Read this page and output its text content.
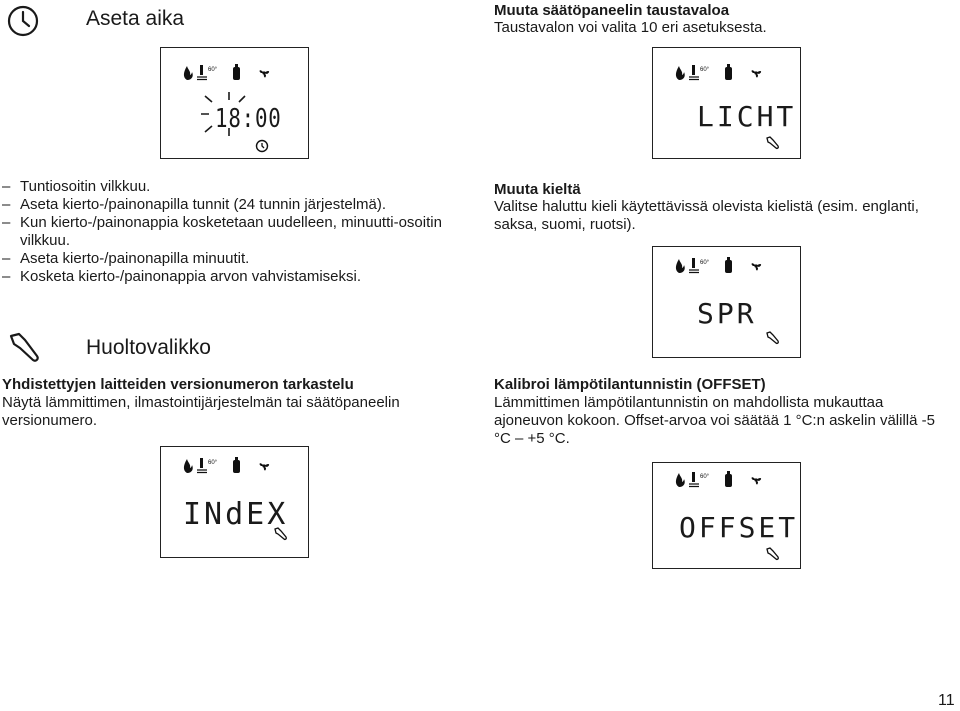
Aseta aika
60°
18:00
– Tuntiosoitin vilkkuu.
– Aseta kierto-/painonapilla tunnit (24 tunnin järjestelmä).
– Kun kierto-/painonappia kosketetaan uudelleen, minuutti-osoitin vilkkuu.
– Aseta kierto-/painonapilla minuutit.
– Kosketa kierto-/painonappia arvon vahvistamiseksi.
Huoltovalikko
Yhdistettyjen laitteiden versionumeron tarkastelu
Näytä lämmittimen, ilmastointijärjestelmän tai säätöpaneelin versionumero.
60°
INdEX
Muuta säätöpaneelin taustavaloa
Taustavalon voi valita 10 eri asetuksesta.
60°
LICHT
Muuta kieltä
Valitse haluttu kieli käytettävissä olevista kielistä (esim. englanti, saksa, suomi, ruotsi).
60°
SPR
Kalibroi lämpötilantunnistin (OFFSET)
Lämmittimen lämpötilantunnistin on mahdollista mukauttaa ajoneuvon kokoon. Offset-arvoa voi säätää 1 °C:n askelin välillä -5 °C – +5 °C.
60°
OFFSET
11
